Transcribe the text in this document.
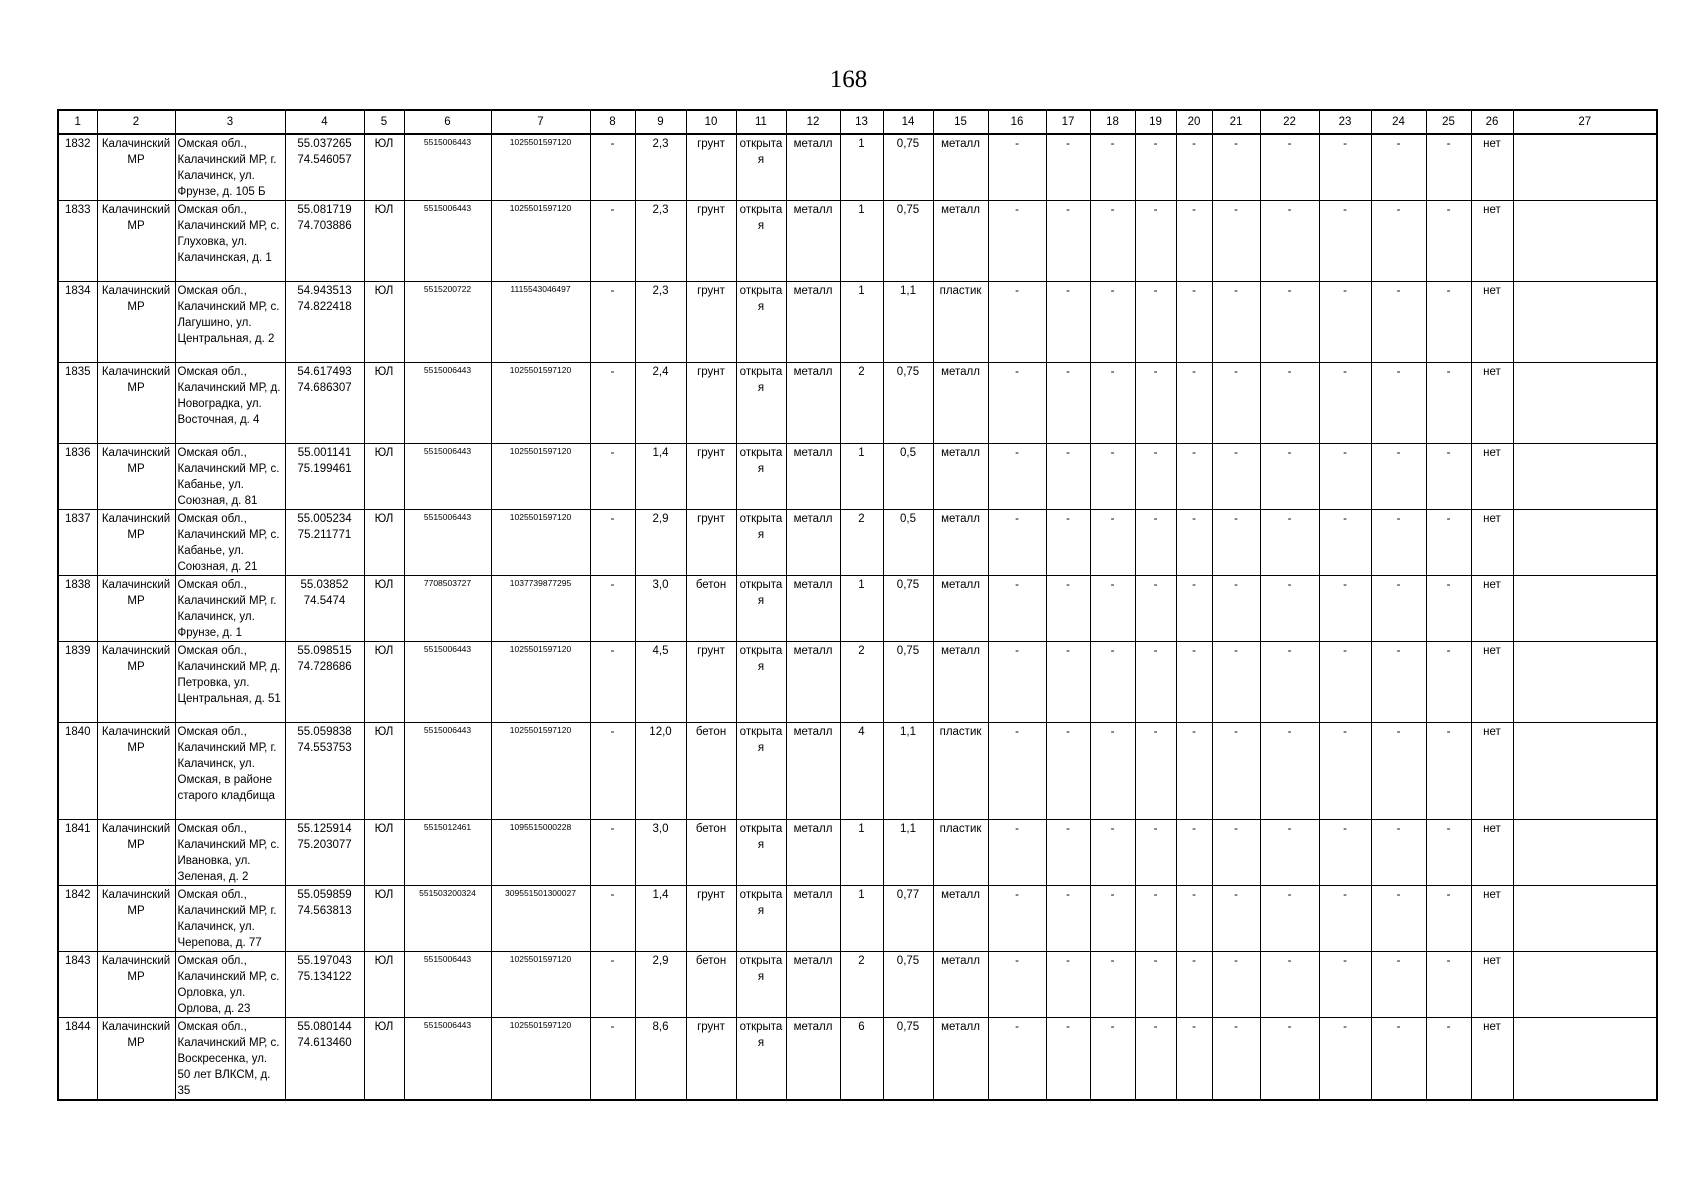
168
1	2	3	4	5	6	7	8	9	10	11	12	13	14	15	16	17	18	19	20	21	22	23	24	25	26	27
1832	Калачинский МР	Омская обл., Калачинский МР, г. Калачинск, ул. Фрунзе, д. 105 Б	55.037265 74.546057	ЮЛ	5515006443	1025501597120	-	2,3	грунт	открытая	металл	1	0,75	металл	-	-	-	-	-	-	-	-	-	-	нет	
1833	Калачинский МР	Омская обл., Калачинский МР, с. Глуховка, ул. Калачинская, д. 1	55.081719 74.703886	ЮЛ	5515006443	1025501597120	-	2,3	грунт	открытая	металл	1	0,75	металл	-	-	-	-	-	-	-	-	-	-	нет	
1834	Калачинский МР	Омская обл., Калачинский МР, с. Лагушино, ул. Центральная, д. 2	54.943513 74.822418	ЮЛ	5515200722	1115543046497	-	2,3	грунт	открытая	металл	1	1,1	пластик	-	-	-	-	-	-	-	-	-	-	нет	
1835	Калачинский МР	Омская обл., Калачинский МР, д. Новоградка, ул. Восточная, д. 4	54.617493 74.686307	ЮЛ	5515006443	1025501597120	-	2,4	грунт	открытая	металл	2	0,75	металл	-	-	-	-	-	-	-	-	-	-	нет	
1836	Калачинский МР	Омская обл., Калачинский МР, с. Кабанье, ул. Союзная, д. 81	55.001141 75.199461	ЮЛ	5515006443	1025501597120	-	1,4	грунт	открытая	металл	1	0,5	металл	-	-	-	-	-	-	-	-	-	-	нет	
1837	Калачинский МР	Омская обл., Калачинский МР, с. Кабанье, ул. Союзная, д. 21	55.005234 75.211771	ЮЛ	5515006443	1025501597120	-	2,9	грунт	открытая	металл	2	0,5	металл	-	-	-	-	-	-	-	-	-	-	нет	
1838	Калачинский МР	Омская обл., Калачинский МР, г. Калачинск, ул. Фрунзе, д. 1	55.03852 74.5474	ЮЛ	7708503727	1037739877295	-	3,0	бетон	открытая	металл	1	0,75	металл	-	-	-	-	-	-	-	-	-	-	нет	
1839	Калачинский МР	Омская обл., Калачинский МР, д. Петровка, ул. Центральная, д. 51	55.098515 74.728686	ЮЛ	5515006443	1025501597120	-	4,5	грунт	открытая	металл	2	0,75	металл	-	-	-	-	-	-	-	-	-	-	нет	
1840	Калачинский МР	Омская обл., Калачинский МР, г. Калачинск, ул. Омская, в районе старого кладбища	55.059838 74.553753	ЮЛ	5515006443	1025501597120	-	12,0	бетон	открытая	металл	4	1,1	пластик	-	-	-	-	-	-	-	-	-	-	нет	
1841	Калачинский МР	Омская обл., Калачинский МР, с. Ивановка, ул. Зеленая, д. 2	55.125914 75.203077	ЮЛ	5515012461	1095515000228	-	3,0	бетон	открытая	металл	1	1,1	пластик	-	-	-	-	-	-	-	-	-	-	нет	
1842	Калачинский МР	Омская обл., Калачинский МР, г. Калачинск, ул. Черепова, д. 77	55.059859 74.563813	ЮЛ	551503200324	309551501300027	-	1,4	грунт	открытая	металл	1	0,77	металл	-	-	-	-	-	-	-	-	-	-	нет	
1843	Калачинский МР	Омская обл., Калачинский МР, с. Орловка, ул. Орлова, д. 23	55.197043 75.134122	ЮЛ	5515006443	1025501597120	-	2,9	бетон	открытая	металл	2	0,75	металл	-	-	-	-	-	-	-	-	-	-	нет	
1844	Калачинский МР	Омская обл., Калачинский МР, с. Воскресенка, ул. 50 лет ВЛКСМ, д. 35	55.080144 74.613460	ЮЛ	5515006443	1025501597120	-	8,6	грунт	открытая	металл	6	0,75	металл	-	-	-	-	-	-	-	-	-	-	нет	
